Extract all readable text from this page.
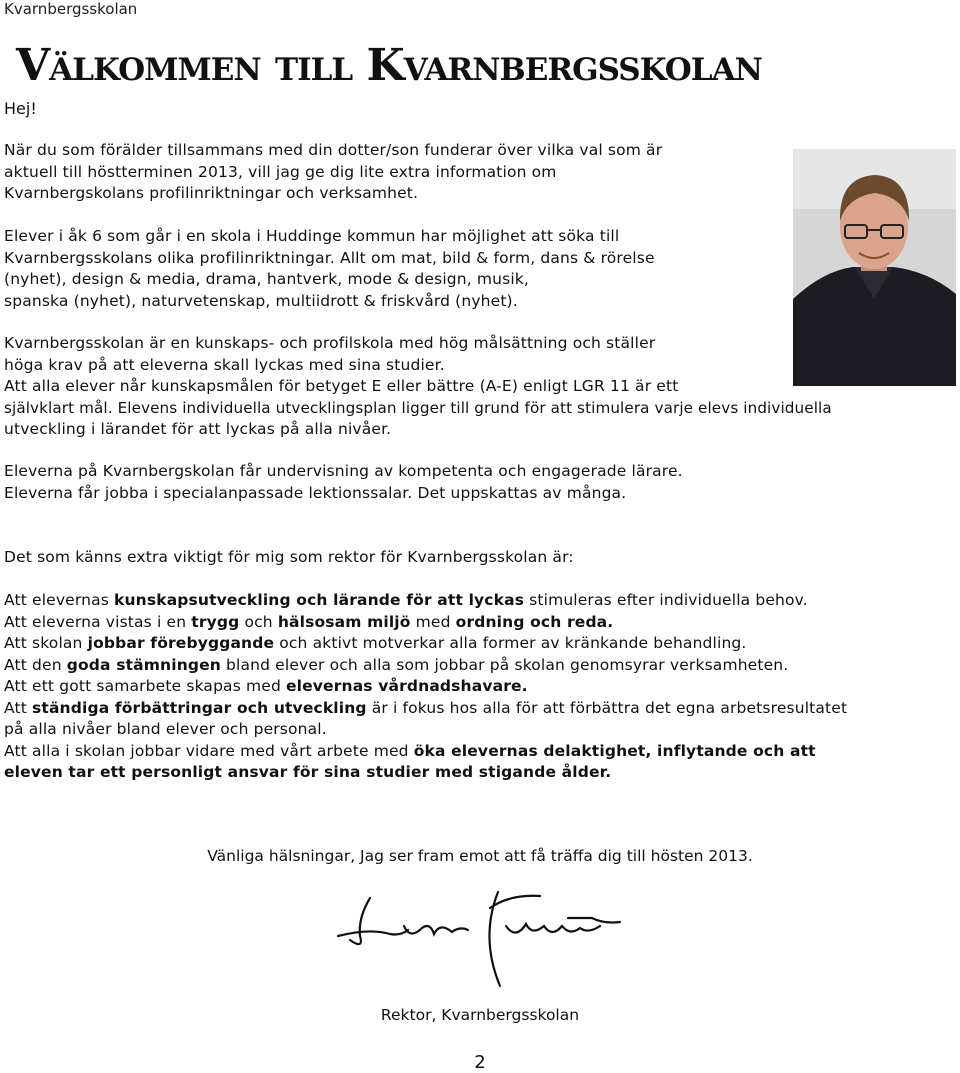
Kvarnbergsskolan
Välkommen till Kvarnbergsskolan
Hej!
När du som förälder tillsammans med din dotter/son funderar över vilka val som är
aktuell till höstterminen 2013, vill jag ge dig lite extra information om
Kvarnbergskolans profilinriktningar och verksamhet.
Elever i åk 6 som går i en skola i Huddinge kommun har möjlighet att söka till
Kvarnbergsskolans olika profilinriktningar. Allt om mat, bild & form, dans & rörelse
(nyhet), design & media, drama, hantverk, mode & design, musik,
spanska (nyhet), naturvetenskap, multiidrott & friskvård (nyhet).
Kvarnbergsskolan är en kunskaps- och profilskola med hög målsättning och ställer
höga krav på att eleverna skall lyckas med sina studier.
Att alla elever når kunskapsmålen för betyget E eller bättre (A-E) enligt LGR 11 är ett
självklart mål. Elevens individuella utvecklingsplan ligger till grund för att stimulera varje elevs individuella
utveckling i lärandet för att lyckas på alla nivåer.
Eleverna på Kvarnbergskolan får undervisning av kompetenta och engagerade lärare.
Eleverna får jobba i specialanpassade lektionssalar. Det uppskattas av många.
Det som känns extra viktigt för mig som rektor för Kvarnbergsskolan är:
Att elevernas kunskapsutveckling och lärande för att lyckas stimuleras efter individuella behov.
Att eleverna vistas i en trygg och hälsosam miljö med ordning och reda.
Att skolan jobbar förebyggande och aktivt motverkar alla former av kränkande behandling.
Att den goda stämningen bland elever och alla som jobbar på skolan genomsyrar verksamheten.
Att ett gott samarbete skapas med elevernas vårdnadshavare.
Att ständiga förbättringar och utveckling är i fokus hos alla för att förbättra det egna arbetsresultatet
på alla nivåer bland elever och personal.
Att alla i skolan jobbar vidare med vårt arbete med öka elevernas delaktighet, inflytande och att
eleven tar ett personligt ansvar för sina studier med stigande ålder.
Vänliga hälsningar, Jag ser fram emot att få träffa dig till hösten 2013.
Rektor, Kvarnbergsskolan
2
